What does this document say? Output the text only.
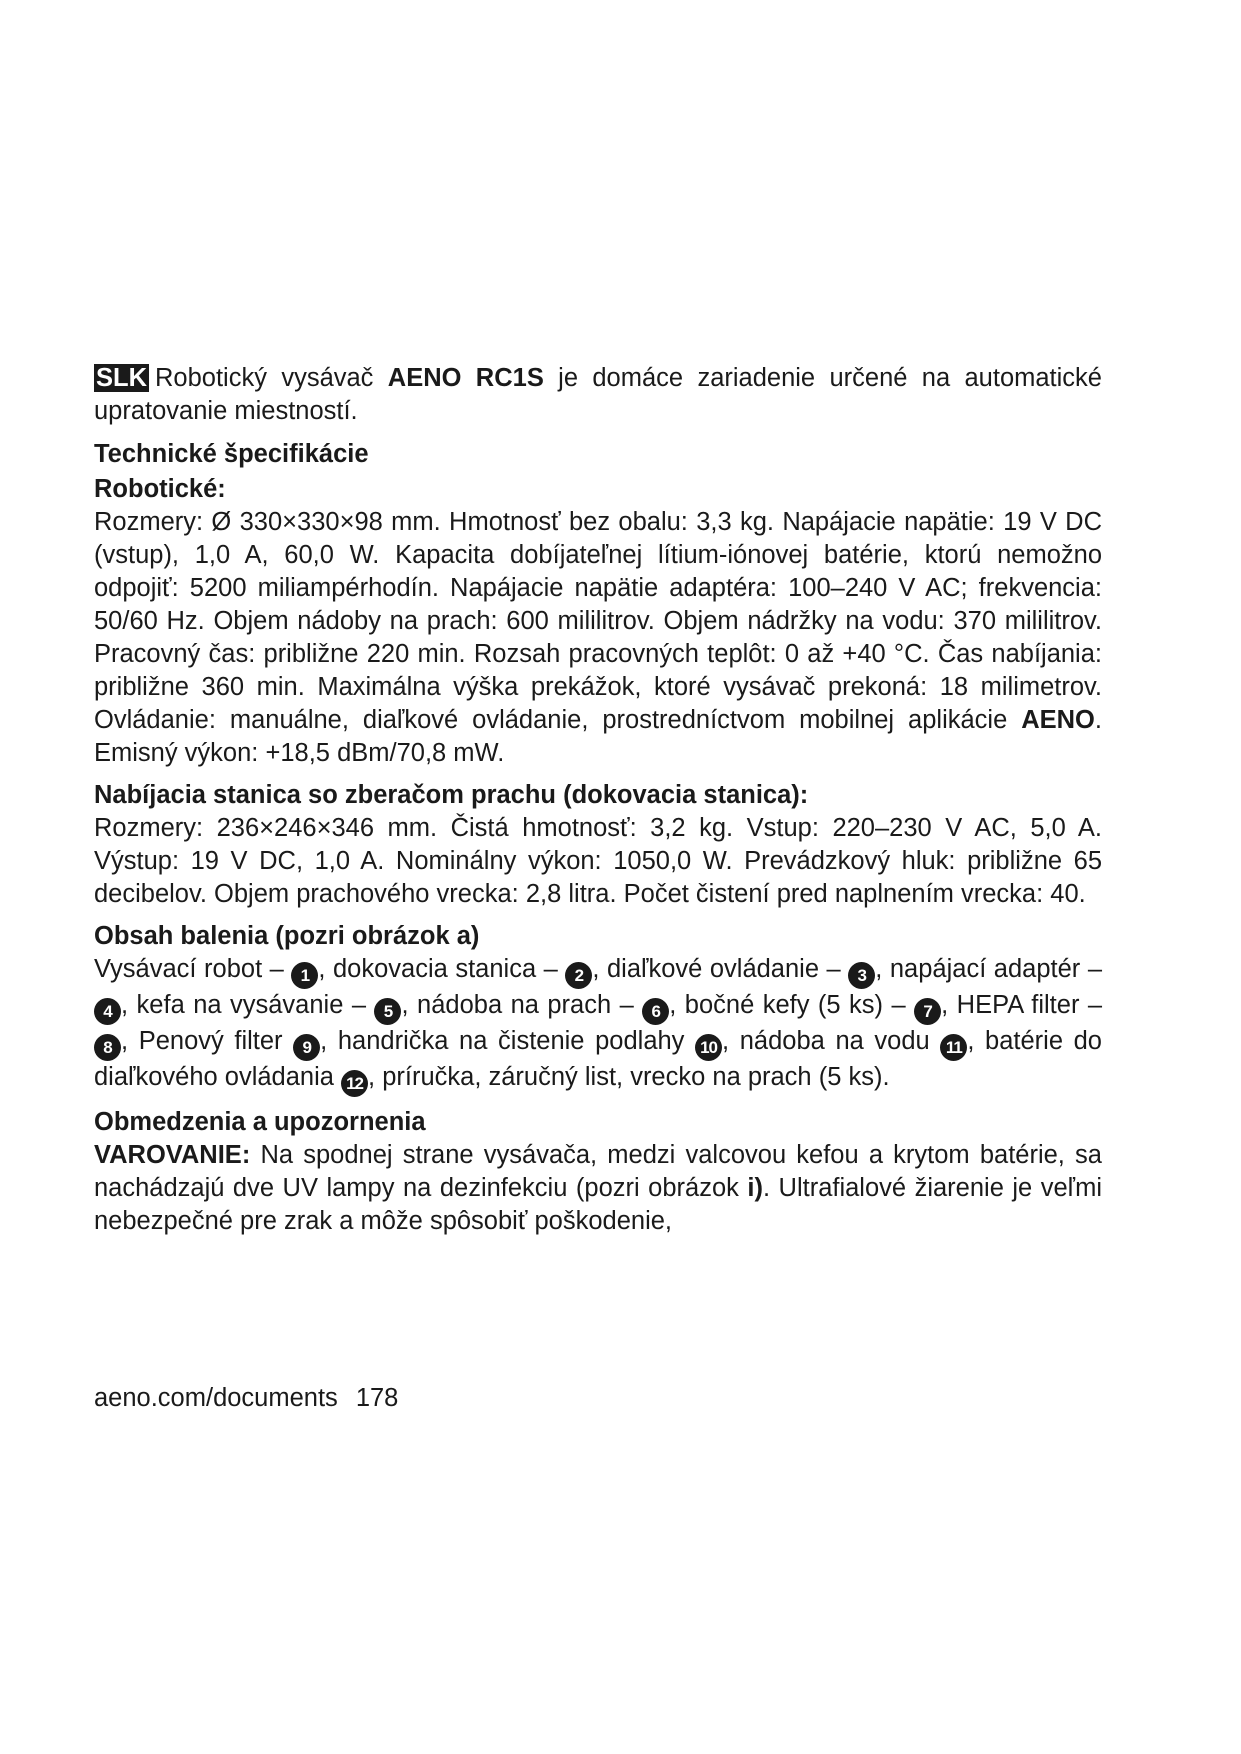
SLK Robotický vysávač AENO RC1S je domáce zariadenie určené na automatické upratovanie miestností.

Technické špecifikácie
Robotické:

Rozmery: Ø 330×330×98 mm. Hmotnosť bez obalu: 3,3 kg. Napájacie napätie: 19 V DC (vstup), 1,0 A, 60,0 W. Kapacita dobíjateľnej lítium-iónovej batérie, ktorú nemožno odpojiť: 5200 miliampérhodín. Napájacie napätie adaptéra: 100–240 V AC; frekvencia: 50/60 Hz. Objem nádoby na prach: 600 mililitrov. Objem nádržky na vodu: 370 mililitrov. Pracovný čas: približne 220 min. Rozsah pracovných teplôt: 0 až +40 °C. Čas nabíjania: približne 360 min. Maximálna výška prekážok, ktoré vysávač prekoná: 18 milimetrov. Ovládanie: manuálne, diaľkové ovládanie, prostredníctvom mobilnej aplikácie AENO. Emisný výkon: +18,5 dBm/70,8 mW.

Nabíjacia stanica so zberačom prachu (dokovacia stanica):

Rozmery: 236×246×346 mm. Čistá hmotnosť: 3,2 kg. Vstup: 220–230 V AC, 5,0 A. Výstup: 19 V DC, 1,0 A. Nominálny výkon: 1050,0 W. Prevádzkový hluk: približne 65 decibelov. Objem prachového vrecka: 2,8 litra. Počet čistení pred naplnením vrecka: 40.

Obsah balenia (pozri obrázok a)

Vysávací robot – 1 , dokovacia stanica – 2 , diaľkové ovládanie – 3 , napájací adaptér – 4 , kefa na vysávanie – 5 , nádoba na prach – 6 , bočné kefy (5 ks) – 7 , HEPA filter – 8 , Penový filter 9 , handrička na čistenie podlahy 10 , nádoba na vodu 11 , batérie do diaľkového ovládania 12 , príručka, záručný list, vrecko na prach (5 ks).

Obmedzenia a upozornenia

VAROVANIE: Na spodnej strane vysávača, medzi valcovou kefou a krytom batérie, sa nachádzajú dve UV lampy na dezinfekciu (pozri obrázok i). Ultrafialové žiarenie je veľmi nebezpečné pre zrak a môže spôsobiť poškodenie,

aeno.com/documents 178
